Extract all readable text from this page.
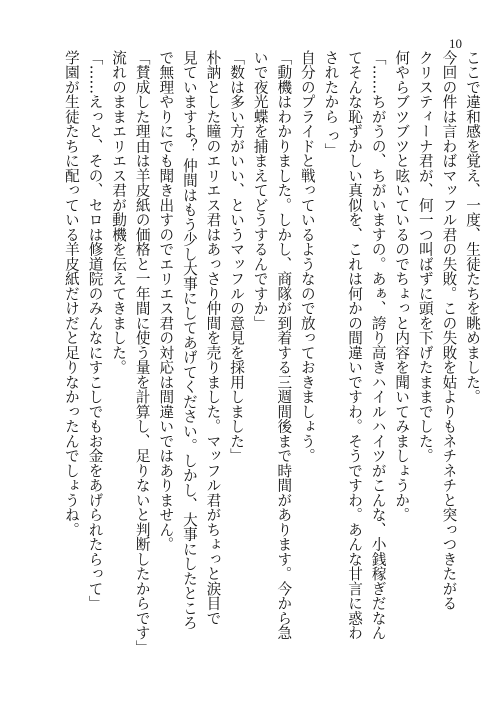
10

ここで違和感を覚え、一度、生徒たちを眺めました。

今回の件は言わばマッフル君の失敗。この失敗を姑よりもネチネチと突っつきたがる

クリスティーナ君が、何一つ叫ばずに頭を下げたままでした。

何やらブツブツと呟いているのでちょっと内容を聞いてみましょうか。

「……ちがうの、ちがいますの。あぁ、誇り高きハイルハイツがこんな、小銭稼ぎだなん

てそんな恥ずかしい真似を、これは何かの間違いですわ。そうですわ。あんな甘言に惑わ

されたから っ」

自分のプライドと戦っているようなので放っておきましょう。

「動機はわかりました。しかし、商隊が到着する三週間後まで時間があります。今から急

いで夜光蝶を捕まえてどうするんですか」

「数は多い方がいい、というマッフルの意見を採用しました」

朴訥とした瞳のエリエス君はあっさり仲間を売りました。マッフル君がちょっと涙目で

見ていますよ？ 仲間はもう少し大事にしてあげてください。しかし、大事にしたところ

で無理やりにでも聞き出すのでエリエス君の対応は間違いではありません。

「賛成した理由は羊皮紙の価格と一年間に使う量を計算し、足りないと判断したからです」

流れのままエリエス君が動機を伝えてきました。

「……えっと、その、セロは修道院のみんなにすこしでもお金をあげられたらって」

学園が生徒たちに配っている羊皮紙だけだと足りなかったんでしょうね。
